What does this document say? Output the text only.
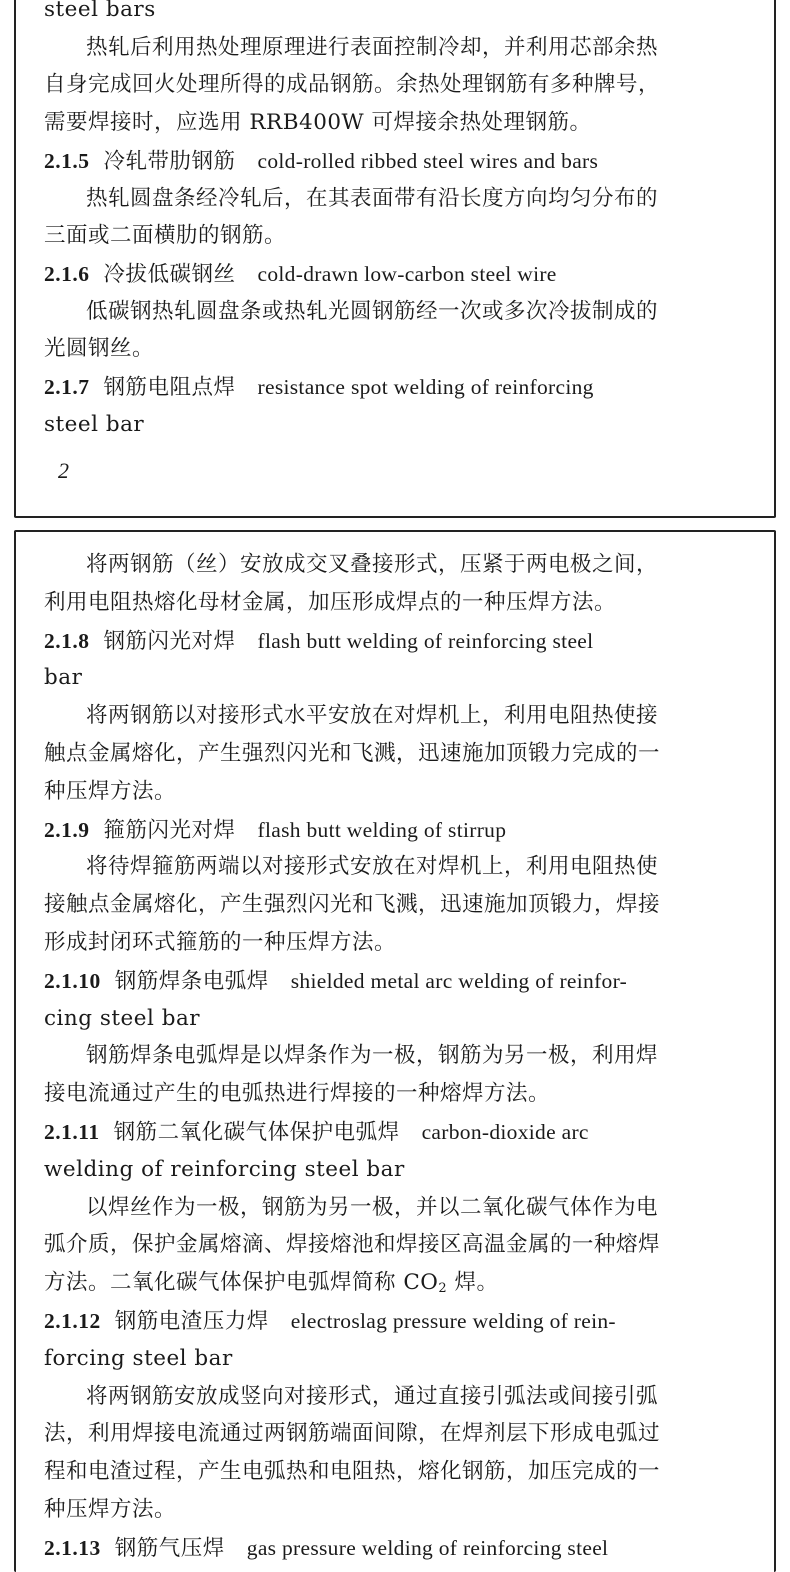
steel bars
热轧后利用热处理原理进行表面控制冷却，并利用芯部余热
自身完成回火处理所得的成品钢筋。余热处理钢筋有多种牌号，
需要焊接时，应选用 RRB400W 可焊接余热处理钢筋。
2.1.5 冷轧带肋钢筋 cold-rolled ribbed steel wires and bars
热轧圆盘条经冷轧后，在其表面带有沿长度方向均匀分布的
三面或二面横肋的钢筋。
2.1.6 冷拔低碳钢丝 cold-drawn low-carbon steel wire
低碳钢热轧圆盘条或热轧光圆钢筋经一次或多次冷拔制成的
光圆钢丝。
2.1.7 钢筋电阻点焊 resistance spot welding of reinforcing
steel bar
2
将两钢筋（丝）安放成交叉叠接形式，压紧于两电极之间，
利用电阻热熔化母材金属，加压形成焊点的一种压焊方法。
2.1.8 钢筋闪光对焊 flash butt welding of reinforcing steel
bar
将两钢筋以对接形式水平安放在对焊机上，利用电阻热使接
触点金属熔化，产生强烈闪光和飞溅，迅速施加顶锻力完成的一
种压焊方法。
2.1.9 箍筋闪光对焊 flash butt welding of stirrup
将待焊箍筋两端以对接形式安放在对焊机上，利用电阻热使
接触点金属熔化，产生强烈闪光和飞溅，迅速施加顶锻力，焊接
形成封闭环式箍筋的一种压焊方法。
2.1.10 钢筋焊条电弧焊 shielded metal arc welding of reinfor-
cing steel bar
钢筋焊条电弧焊是以焊条作为一极，钢筋为另一极，利用焊
接电流通过产生的电弧热进行焊接的一种熔焊方法。
2.1.11 钢筋二氧化碳气体保护电弧焊 carbon-dioxide arc
welding of reinforcing steel bar
以焊丝作为一极，钢筋为另一极，并以二氧化碳气体作为电
弧介质，保护金属熔滴、焊接熔池和焊接区高温金属的一种熔焊
方法。二氧化碳气体保护电弧焊简称 $CO_2$ 焊。
2.1.12 钢筋电渣压力焊 electroslag pressure welding of rein-
forcing steel bar
将两钢筋安放成竖向对接形式，通过直接引弧法或间接引弧
法，利用焊接电流通过两钢筋端面间隙，在焊剂层下形成电弧过
程和电渣过程，产生电弧热和电阻热，熔化钢筋，加压完成的一
种压焊方法。
2.1.13 钢筋气压焊 gas pressure welding of reinforcing steel
